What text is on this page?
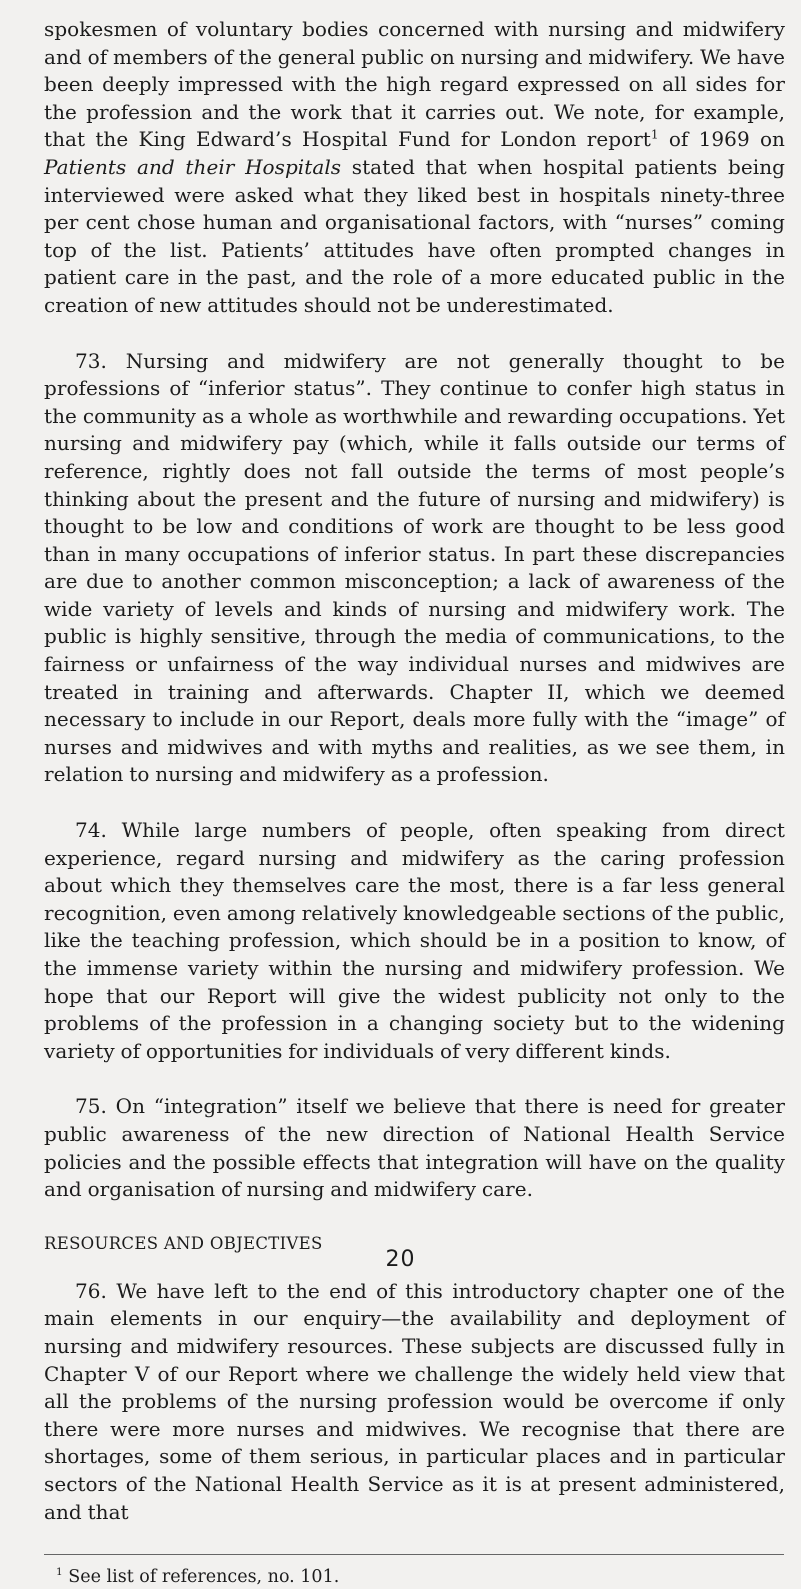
spokesmen of voluntary bodies concerned with nursing and midwifery and of members of the general public on nursing and midwifery. We have been deeply impressed with the high regard expressed on all sides for the profession and the work that it carries out. We note, for example, that the King Edward’s Hospital Fund for London report$^1$ of 1969 on Patients and their Hospitals stated that when hospital patients being interviewed were asked what they liked best in hospitals ninety-three per cent chose human and organisational factors, with “nurses” coming top of the list. Patients’ attitudes have often prompted changes in patient care in the past, and the role of a more educated public in the creation of new attitudes should not be underestimated.

73. Nursing and midwifery are not generally thought to be professions of “inferior status”. They continue to confer high status in the community as a whole as worthwhile and rewarding occupations. Yet nursing and midwifery pay (which, while it falls outside our terms of reference, rightly does not fall outside the terms of most people’s thinking about the present and the future of nursing and midwifery) is thought to be low and conditions of work are thought to be less good than in many occupations of inferior status. In part these discrepancies are due to another common misconception; a lack of awareness of the wide variety of levels and kinds of nursing and midwifery work. The public is highly sensitive, through the media of communications, to the fairness or unfairness of the way individual nurses and midwives are treated in training and afterwards. Chapter II, which we deemed necessary to include in our Report, deals more fully with the “image” of nurses and midwives and with myths and realities, as we see them, in relation to nursing and midwifery as a profession.

74. While large numbers of people, often speaking from direct experience, regard nursing and midwifery as the caring profession about which they themselves care the most, there is a far less general recognition, even among relatively knowledgeable sections of the public, like the teaching profession, which should be in a position to know, of the immense variety within the nursing and midwifery profession. We hope that our Report will give the widest publicity not only to the problems of the profession in a changing society but to the widening variety of opportunities for individuals of very different kinds.

75. On “integration” itself we believe that there is need for greater public awareness of the new direction of National Health Service policies and the possible effects that integration will have on the quality and organisation of nursing and midwifery care.

RESOURCES AND OBJECTIVES

76. We have left to the end of this introductory chapter one of the main elements in our enquiry—the availability and deployment of nursing and midwifery resources. These subjects are discussed fully in Chapter V of our Report where we challenge the widely held view that all the problems of the nursing profession would be overcome if only there were more nurses and midwives. We recognise that there are shortages, some of them serious, in particular places and in particular sectors of the National Health Service as it is at present administered, and that

$^1$ See list of references, no. 101.

20
